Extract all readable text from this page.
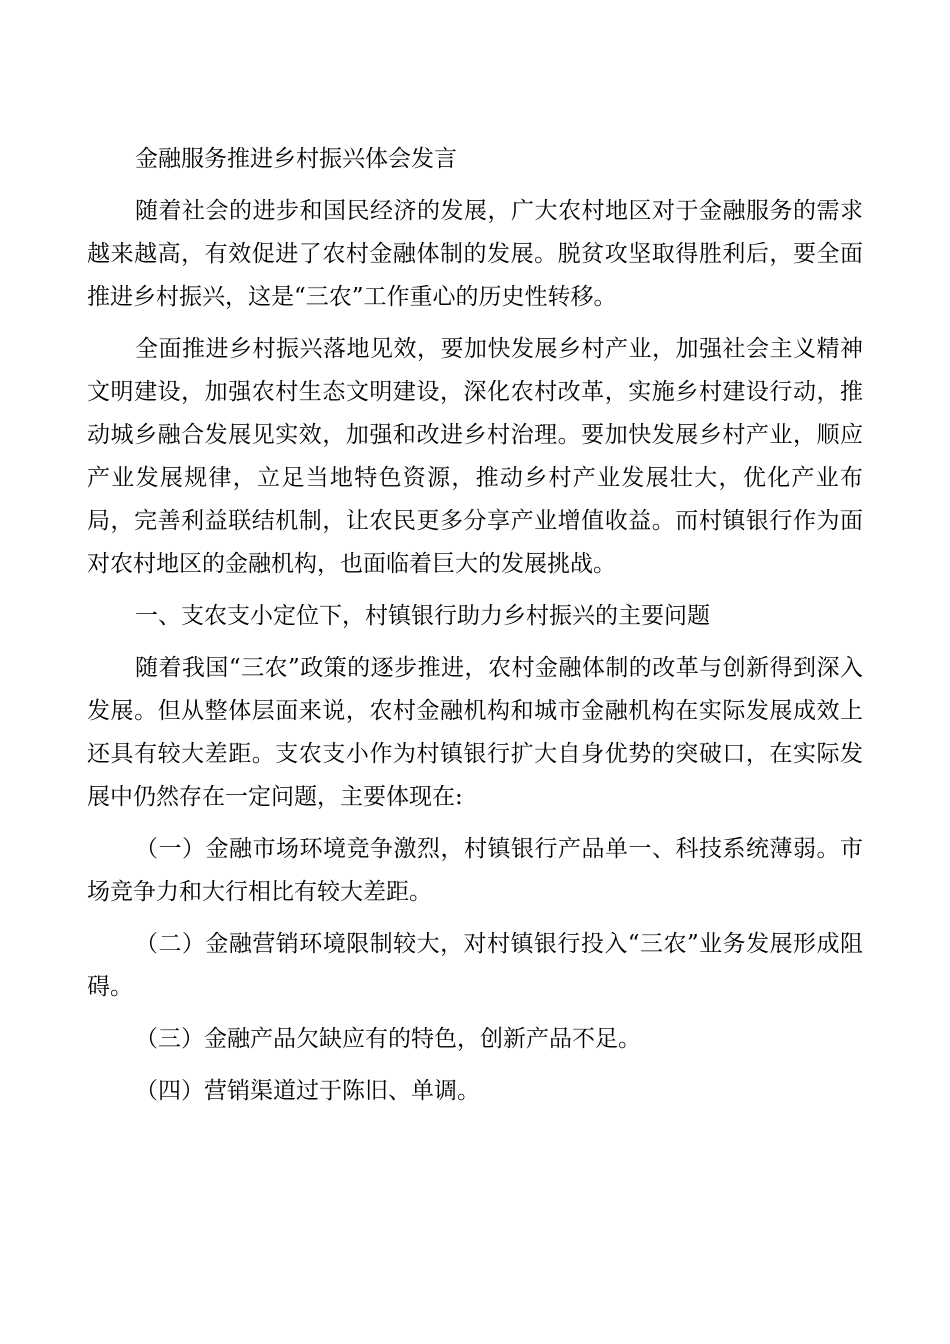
金融服务推进乡村振兴体会发言

随着社会的进步和国民经济的发展，广大农村地区对于金融服务的需求越来越高，有效促进了农村金融体制的发展。脱贫攻坚取得胜利后，要全面推进乡村振兴，这是“三农”工作重心的历史性转移。

全面推进乡村振兴落地见效，要加快发展乡村产业，加强社会主义精神文明建设，加强农村生态文明建设，深化农村改革，实施乡村建设行动，推动城乡融合发展见实效，加强和改进乡村治理。要加快发展乡村产业，顺应产业发展规律，立足当地特色资源，推动乡村产业发展壮大，优化产业布局，完善利益联结机制，让农民更多分享产业增值收益。而村镇银行作为面对农村地区的金融机构，也面临着巨大的发展挑战。

一、支农支小定位下，村镇银行助力乡村振兴的主要问题

随着我国“三农”政策的逐步推进，农村金融体制的改革与创新得到深入发展。但从整体层面来说，农村金融机构和城市金融机构在实际发展成效上还具有较大差距。支农支小作为村镇银行扩大自身优势的突破口，在实际发展中仍然存在一定问题，主要体现在:

（一）金融市场环境竞争激烈，村镇银行产品单一、科技系统薄弱。市场竞争力和大行相比有较大差距。

（二）金融营销环境限制较大，对村镇银行投入“三农”业务发展形成阻碍。

（三）金融产品欠缺应有的特色，创新产品不足。

（四）营销渠道过于陈旧、单调。
